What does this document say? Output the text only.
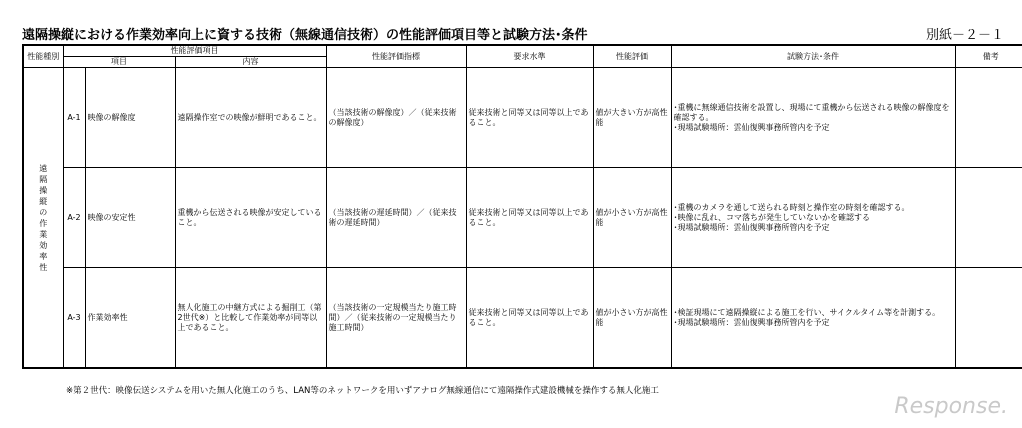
遠隔操縦における作業効率向上に資する技術（無線通信技術）の性能評価項目等と試験方法･条件	別紙－２－１
性能種別	性能評価項目			性能評価指標	要求水準	性能評価	試験方法･条件	備考
	項目		内容					

遠隔操縦の作業効率性	A-1	映像の解像度	遠隔操作室での映像が鮮明であること。	（当該技術の解像度）／（従来技術の解像度）	従来技術と同等又は同等以上であること。	値が大きい方が高性能	･重機に無線通信技術を設置し、現場にて重機から伝送される映像の解像度を確認する。
･現場試験場所：雲仙復興事務所管内を予定	
	A-2	映像の安定性	重機から伝送される映像が安定していること。	（当該技術の遅延時間）／（従来技術の遅延時間）	従来技術と同等又は同等以上であること。	値が小さい方が高性能	･重機のカメラを通して送られる時刻と操作室の時刻を確認する。
･映像に乱れ、コマ落ちが発生していないかを確認する
･現場試験場所：雲仙復興事務所管内を予定	
	A-3	作業効率性	無人化施工の中継方式による掘削工（第2世代※）と比較して作業効率が同等以上であること。	（当該技術の一定規模当たり施工時間）／（従来技術の一定規模当たり施工時間）	従来技術と同等又は同等以上であること。	値が小さい方が高性能	･検証現場にて遠隔操縦による施工を行い、サイクルタイム等を計測する。
･現場試験場所：雲仙復興事務所管内を予定	
※第２世代：映像伝送システムを用いた無人化施工のうち、LAN等のネットワークを用いずアナログ無線通信にて遠隔操作式建設機械を操作する無人化施工
Response.
